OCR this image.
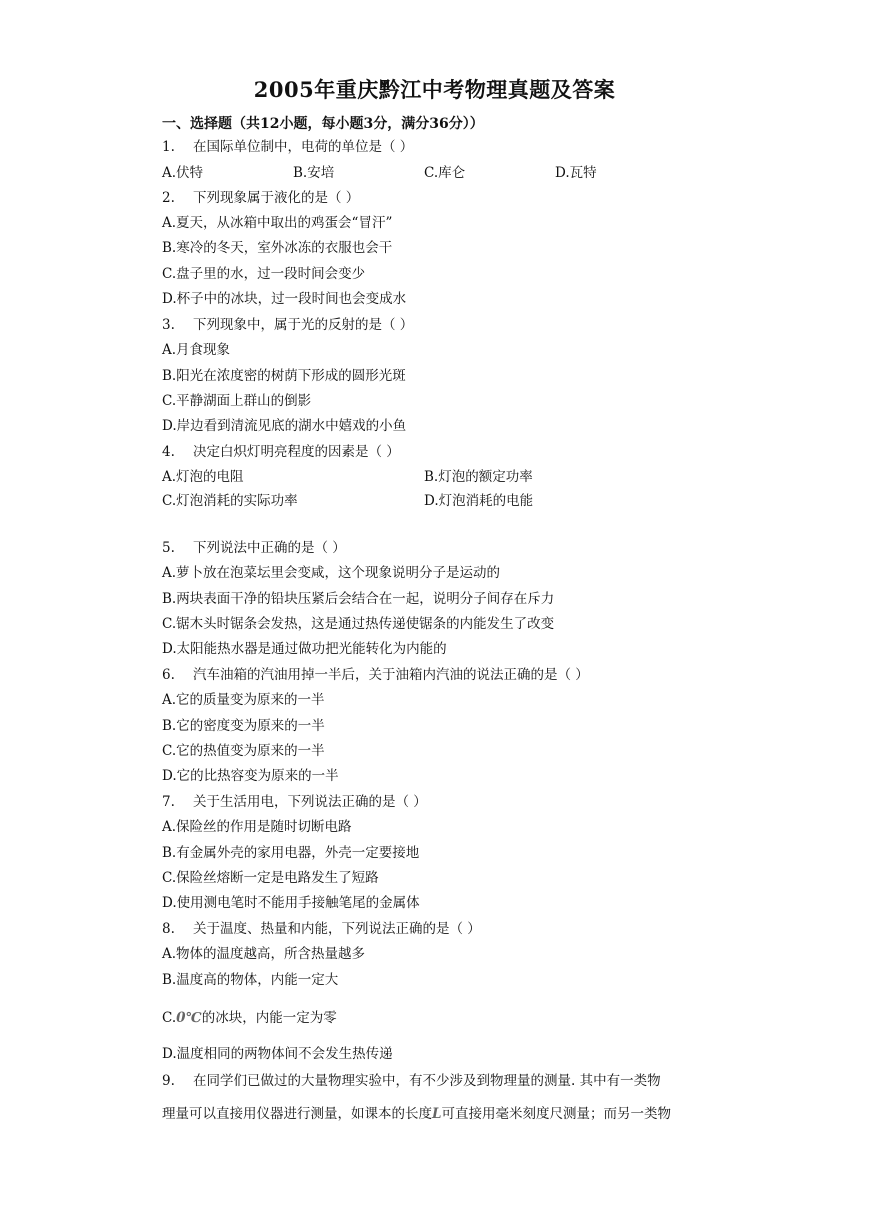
2005年重庆黔江中考物理真题及答案
一、选择题（共12小题，每小题3分，满分36分））
1. 在国际单位制中，电荷的单位是（ ）
A.伏特	B.安培	C.库仑	D.瓦特
2. 下列现象属于液化的是（ ）
A.夏天，从冰箱中取出的鸡蛋会“冒汗”
B.寒冷的冬天，室外冰冻的衣服也会干
C.盘子里的水，过一段时间会变少
D.杯子中的冰块，过一段时间也会变成水
3. 下列现象中，属于光的反射的是（ ）
A.月食现象
B.阳光在浓度密的树荫下形成的圆形光斑
C.平静湖面上群山的倒影
D.岸边看到清流见底的湖水中嬉戏的小鱼
4. 决定白炽灯明亮程度的因素是（ ）
A.灯泡的电阻	B.灯泡的额定功率
C.灯泡消耗的实际功率	D.灯泡消耗的电能
5. 下列说法中正确的是（ ）
A.萝卜放在泡菜坛里会变咸，这个现象说明分子是运动的
B.两块表面干净的铅块压紧后会结合在一起，说明分子间存在斥力
C.锯木头时锯条会发热，这是通过热传递使锯条的内能发生了改变
D.太阳能热水器是通过做功把光能转化为内能的
6. 汽车油箱的汽油用掉一半后，关于油箱内汽油的说法正确的是（ ）
A.它的质量变为原来的一半
B.它的密度变为原来的一半
C.它的热值变为原来的一半
D.它的比热容变为原来的一半
7. 关于生活用电，下列说法正确的是（ ）
A.保险丝的作用是随时切断电路
B.有金属外壳的家用电器，外壳一定要接地
C.保险丝熔断一定是电路发生了短路
D.使用测电笔时不能用手接触笔尾的金属体
8. 关于温度、热量和内能，下列说法正确的是（ ）
A.物体的温度越高，所含热量越多
B.温度高的物体，内能一定大
C.0℃的冰块，内能一定为零
D.温度相同的两物体间不会发生热传递
9. 在同学们已做过的大量物理实验中，有不少涉及到物理量的测量. 其中有一类物
理量可以直接用仪器进行测量，如课本的长度L可直接用毫米刻度尺测量；而另一类物
